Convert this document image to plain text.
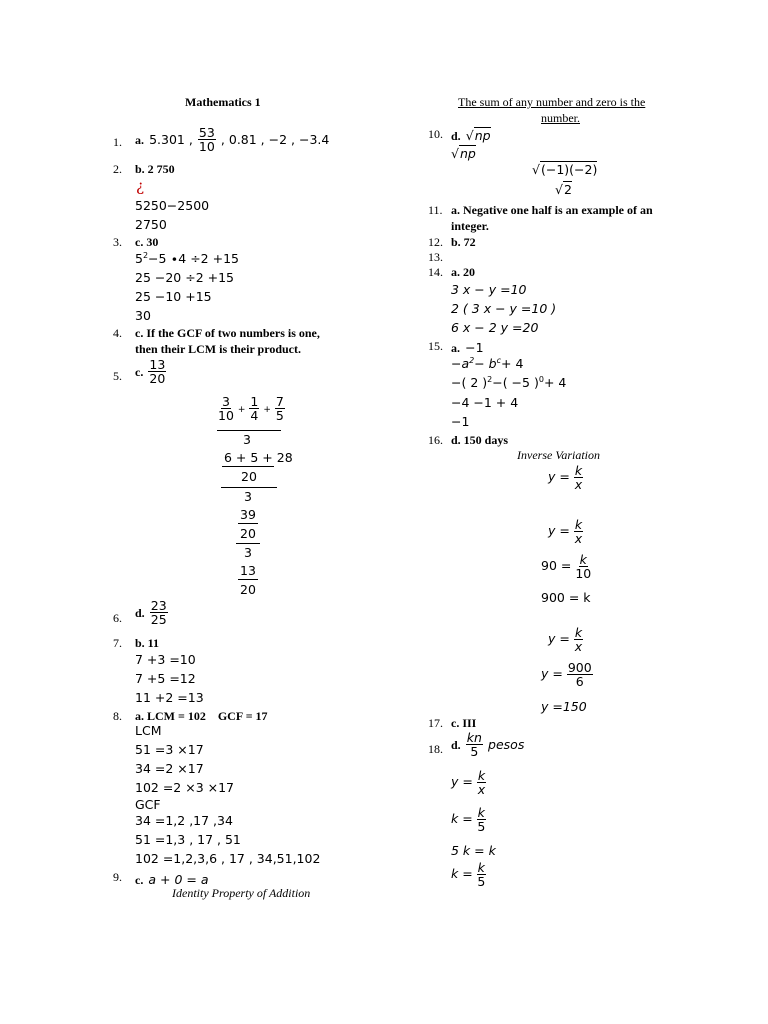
Mathematics 1
1. a. 5.301 , $\frac{53}{10}$ , 0.81 , −2 , −3.4
2. b. 2 750
¿
5250−2500
2750
3. c. 30
$5^2-5 \cdot 4 \div 2 +15$
25 −20 ÷2 +15
25 −10 +15
30
4. c. If the GCF of two numbers is one,
then their LCM is their product.
5. c. $\frac{13}{20}$
$\frac{3}{10} + \frac{1}{4} + \frac{7}{5}$
3
6 + 5 + 28
20
3
39
20
3
13
20
6. d. $\frac{23}{25}$
7. b. 11
7 +3 =10
7 +5 =12
11 +2 =13
8. a. LCM = 102    GCF = 17
LCM
51 =3 ×17
34 =2 ×17
102 =2 ×3 ×17
GCF
34 =1,2 ,17 ,34
51 =1,3 , 17 , 51
102 =1,2,3,6 , 17 , 34,51,102
9. c. a + 0 = a
Identity Property of Addition
The sum of any number and zero is the
number.
10. d. √np
√np
√(−1)(−2)
√2
11. a. Negative one half is an example of an
integer.
12. b. 72
13.
14. a. 20
3 x − y =10
2 ( 3 x − y =10 )
6 x − 2 y =20
15. a. −1
$-a^2- b^c+ 4$
−( 2 )$^2$−( −5 )$^0$+ 4
−4 −1 + 4
−1
16. d. 150 days
Inverse Variation
$y = \frac{k}{x}$
$y = \frac{k}{x}$
$90 = \frac{k}{10}$
900 = k
$y = \frac{k}{x}$
$y = \frac{900}{6}$
y =150
17. c. III
18. d. $\frac{kn}{5}$ pesos
$y = \frac{k}{x}$
$k = \frac{k}{5}$
5 k = k
$k = \frac{k}{5}$
